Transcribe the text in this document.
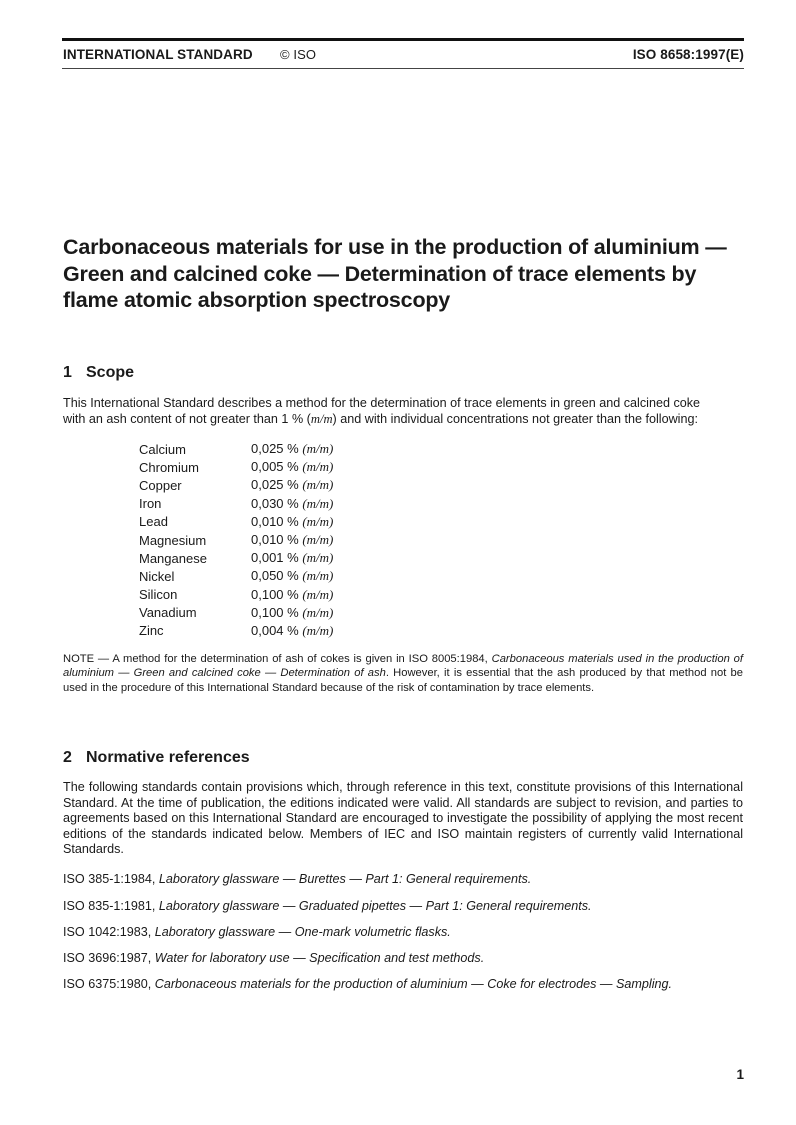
INTERNATIONAL STANDARD © ISO	ISO 8658:1997(E)
Carbonaceous materials for use in the production of aluminium —
Green and calcined coke — Determination of trace elements by
flame atomic absorption spectroscopy
1 Scope
This International Standard describes a method for the determination of trace elements in green and calcined coke
with an ash content of not greater than 1 % (m/m) and with individual concentrations not greater than the following:
Calcium	0,025 % (m/m)
Chromium	0,005 % (m/m)
Copper	0,025 % (m/m)
Iron	0,030 % (m/m)
Lead	0,010 % (m/m)
Magnesium	0,010 % (m/m)
Manganese	0,001 % (m/m)
Nickel	0,050 % (m/m)
Silicon	0,100 % (m/m)
Vanadium	0,100 % (m/m)
Zinc	0,004 % (m/m)
NOTE — A method for the determination of ash of cokes is given in ISO 8005:1984, Carbonaceous materials used in the production of aluminium — Green and calcined coke — Determination of ash. However, it is essential that the ash produced by that method not be used in the procedure of this International Standard because of the risk of contamination by trace elements.
2 Normative references
The following standards contain provisions which, through reference in this text, constitute provisions of this International Standard. At the time of publication, the editions indicated were valid. All standards are subject to revision, and parties to agreements based on this International Standard are encouraged to investigate the possibility of applying the most recent editions of the standards indicated below. Members of IEC and ISO maintain registers of currently valid International Standards.
ISO 385-1:1984, Laboratory glassware — Burettes — Part 1: General requirements.
ISO 835-1:1981, Laboratory glassware — Graduated pipettes — Part 1: General requirements.
ISO 1042:1983, Laboratory glassware — One-mark volumetric flasks.
ISO 3696:1987, Water for laboratory use — Specification and test methods.
ISO 6375:1980, Carbonaceous materials for the production of aluminium — Coke for electrodes — Sampling.
1
